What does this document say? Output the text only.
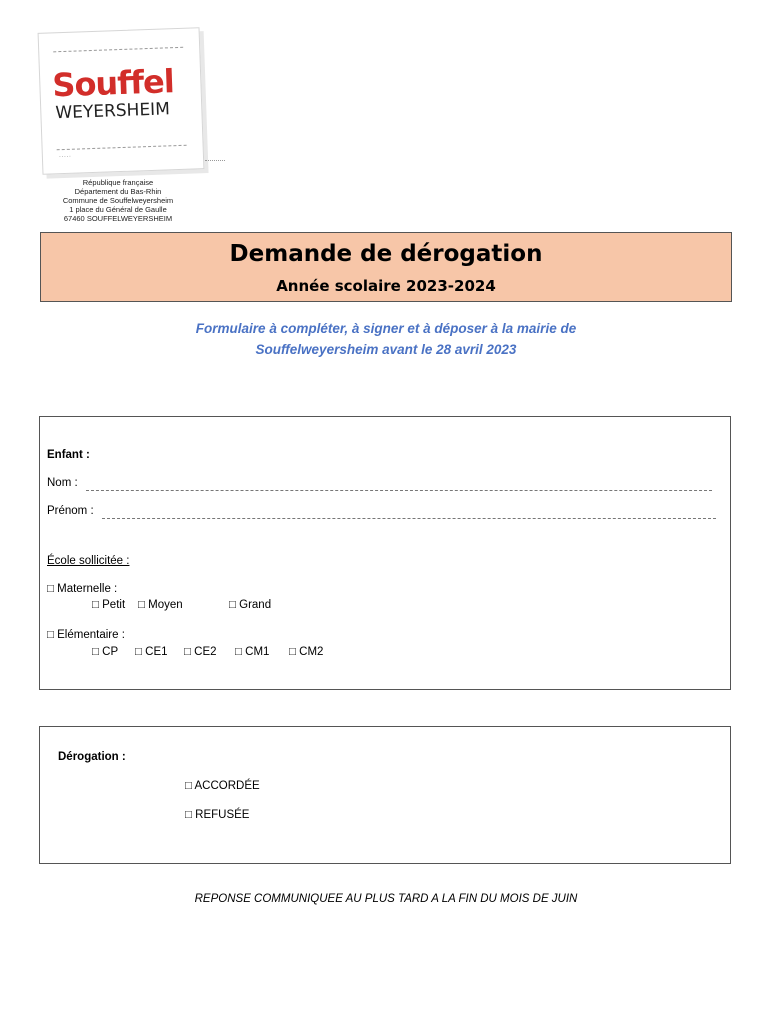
Souffel
WEYERSHEIM
·····
République française
Département du Bas-Rhin
Commune de Souffelweyersheim
1 place du Général de Gaulle
67460 SOUFFELWEYERSHEIM
Demande de dérogation
Année scolaire 2023-2024
Formulaire à compléter, à signer et à déposer à la mairie de
Souffelweyersheim avant le 28 avril 2023
Enfant :
Nom :
Prénom :
École sollicitée :
□ Maternelle :
□ Petit □ Moyen	□ Grand
□ Elémentaire :
□ CP □ CE1 □ CE2 □ CM1 □ CM2
Dérogation :
□ ACCORDÉE
□ REFUSÉE
REPONSE COMMUNIQUEE AU PLUS TARD A LA FIN DU MOIS DE JUIN
